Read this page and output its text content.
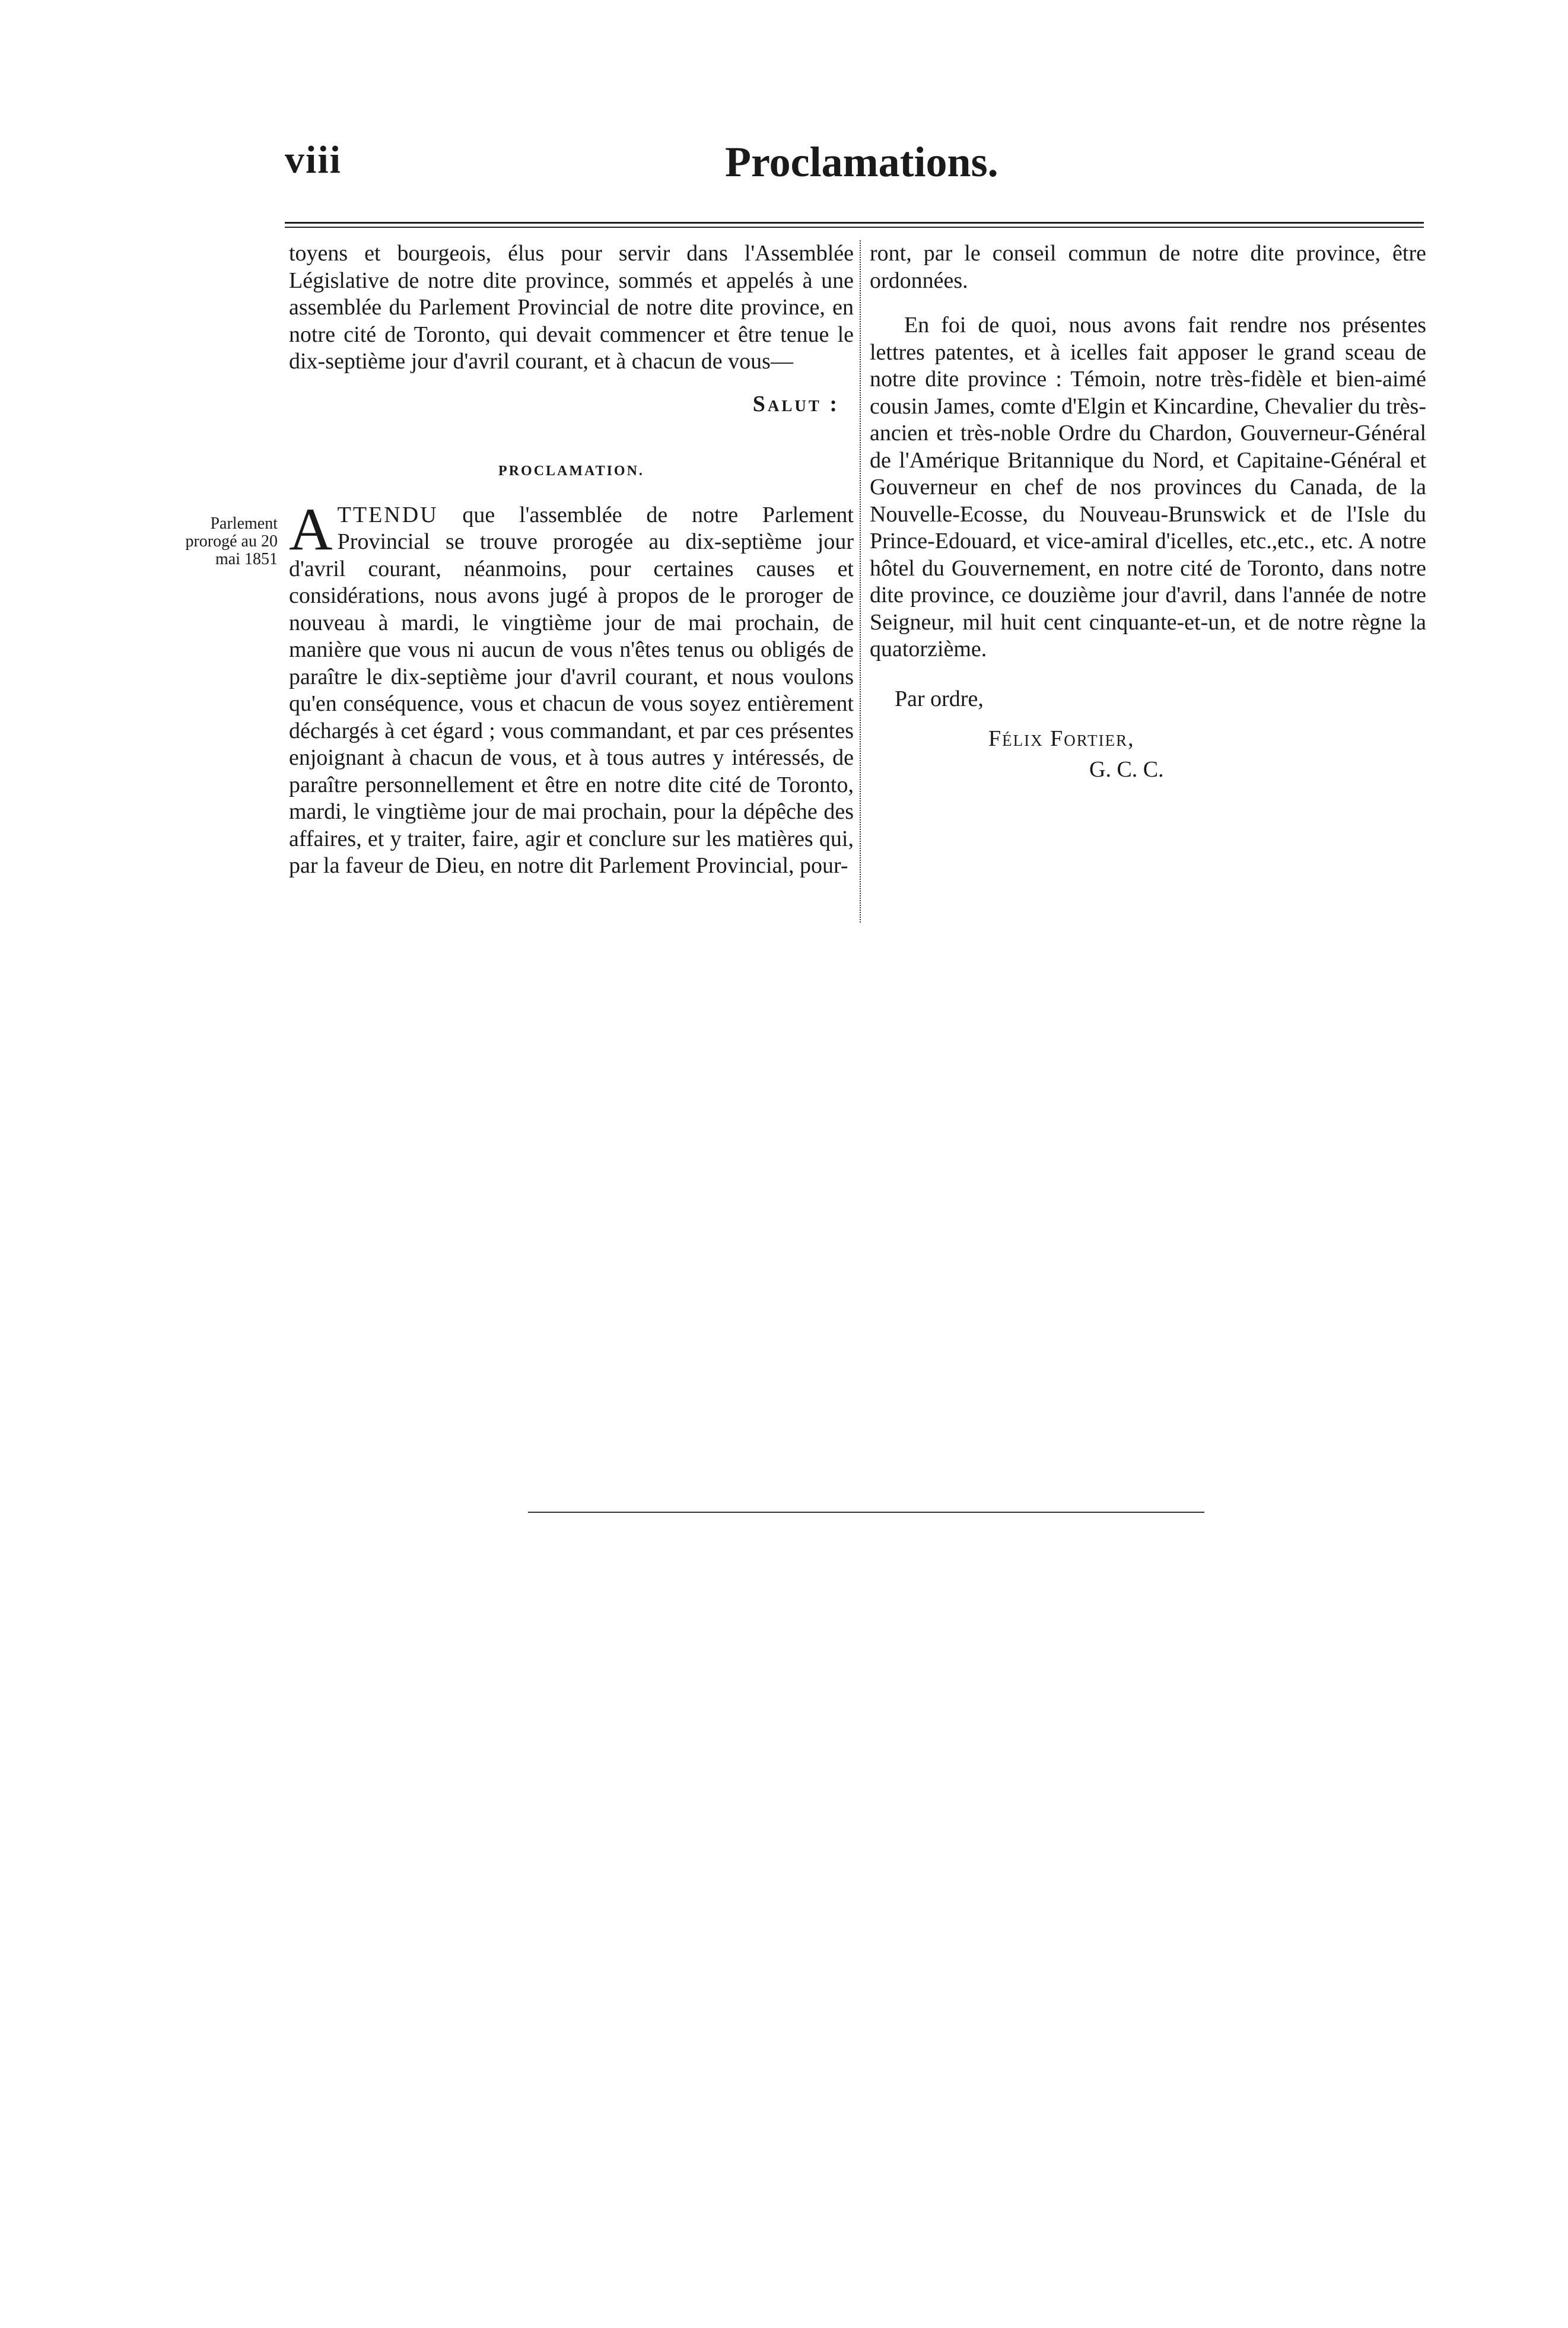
viii	Proclamations.
Parlement
prorogé au 20
mai 1851

toyens et bourgeois, élus pour servir dans l'Assemblée Législative de notre dite province, sommés et appelés à une assemblée du Parlement Provincial de notre dite province, en notre cité de Toronto, qui devait commencer et être tenue le dix-septième jour d'avril courant, et à chacun de vous—

Salut :

PROCLAMATION.

ATTENDU que l'assemblée de notre Parlement Provincial se trouve prorogée au dix-septième jour d'avril courant, néanmoins, pour certaines causes et considérations, nous avons jugé à propos de le proroger de nouveau à mardi, le vingtième jour de mai prochain, de manière que vous ni aucun de vous n'êtes tenus ou obligés de paraître le dix-septième jour d'avril courant, et nous voulons qu'en conséquence, vous et chacun de vous soyez entièrement déchargés à cet égard ; vous commandant, et par ces présentes enjoignant à chacun de vous, et à tous autres y intéressés, de paraître personnellement et être en notre dite cité de Toronto, mardi, le vingtième jour de mai prochain, pour la dépêche des affaires, et y traiter, faire, agir et conclure sur les matières qui, par la faveur de Dieu, en notre dit Parlement Provincial, pour-

ront, par le conseil commun de notre dite province, être ordonnées.

En foi de quoi, nous avons fait rendre nos présentes lettres patentes, et à icelles fait apposer le grand sceau de notre dite province : Témoin, notre très-fidèle et bien-aimé cousin James, comte d'Elgin et Kincardine, Chevalier du très-ancien et très-noble Ordre du Chardon, Gouverneur-Général de l'Amérique Britannique du Nord, et Capitaine-Général et Gouverneur en chef de nos provinces du Canada, de la Nouvelle-Ecosse, du Nouveau-Brunswick et de l'Isle du Prince-Edouard, et vice-amiral d'icelles, etc.,etc., etc. A notre hôtel du Gouvernement, en notre cité de Toronto, dans notre dite province, ce douzième jour d'avril, dans l'année de notre Seigneur, mil huit cent cinquante-et-un, et de notre règne la quatorzième.

Par ordre,

Félix Fortier,

G. C. C.
